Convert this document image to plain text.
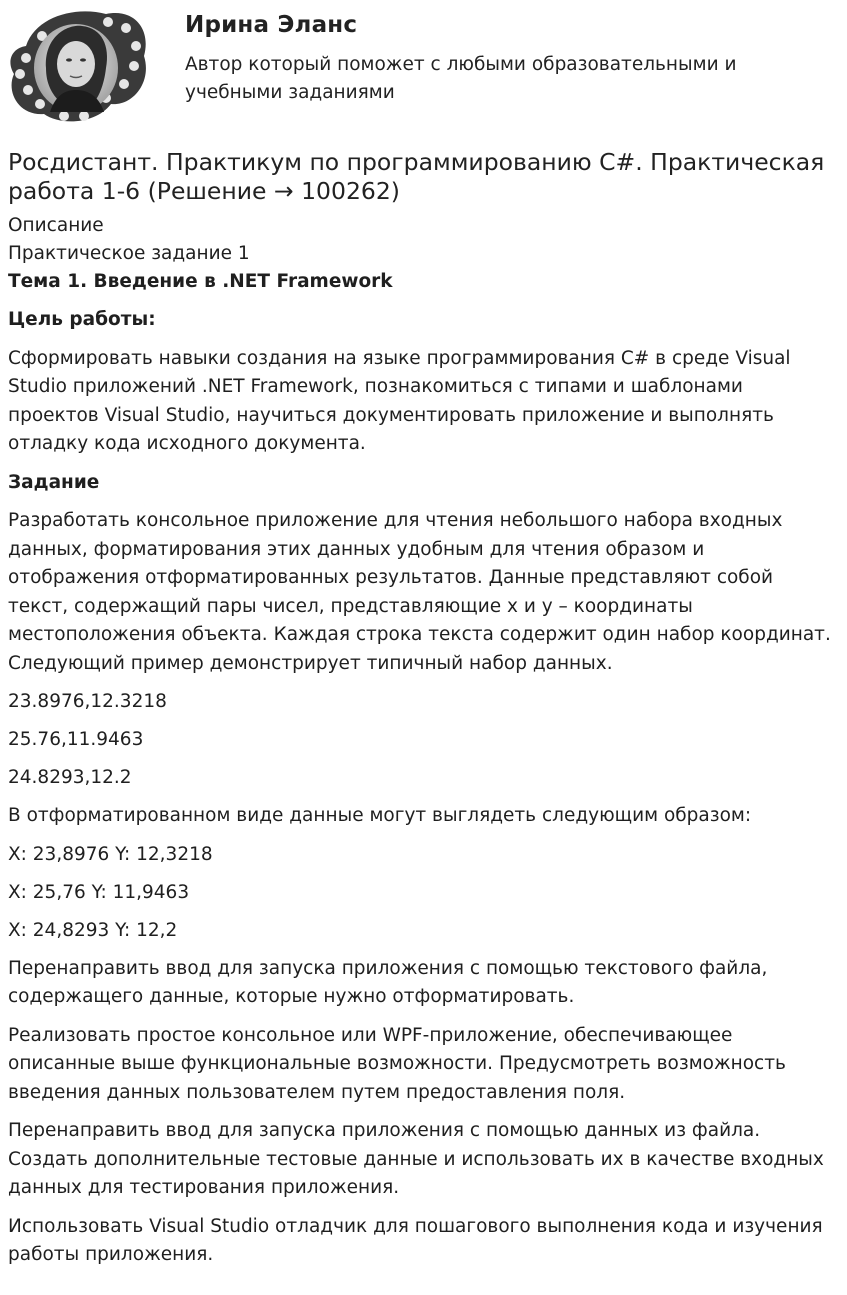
Ирина Эланс

Автор который поможет с любыми образовательными и учебными заданиями

Росдистант. Практикум по программированию C#. Практическая работа 1-6 (Решение → 100262)
Описание
Практическое задание 1
Тема 1. Введение в .NET Framework

Цель работы:

Сформировать навыки создания на языке программирования C# в среде Visual Studio приложений .NET Framework, познакомиться с типами и шаблонами проектов Visual Studio, научиться документировать приложение и выполнять отладку кода исходного документа.

Задание

Разработать консольное приложение для чтения небольшого набора входных данных, форматирования этих данных удобным для чтения образом и отображения отформатированных результатов. Данные представляют собой текст, содержащий пары чисел, представляющие x и y – координаты местоположения объекта. Каждая строка текста содержит один набор координат. Следующий пример демонстрирует типичный набор данных.

23.8976,12.3218
25.76,11.9463
24.8293,12.2

В отформатированном виде данные могут выглядеть следующим образом:

X: 23,8976 Y: 12,3218
X: 25,76 Y: 11,9463
X: 24,8293 Y: 12,2

Перенаправить ввод для запуска приложения с помощью текстового файла, содержащего данные, которые нужно отформатировать.

Реализовать простое консольное или WPF-приложение, обеспечивающее описанные выше функциональные возможности. Предусмотреть возможность введения данных пользователем путем предоставления поля.

Перенаправить ввод для запуска приложения с помощью данных из файла. Создать дополнительные тестовые данные и использовать их в качестве входных данных для тестирования приложения.

Использовать Visual Studio отладчик для пошагового выполнения кода и изучения работы приложения.
